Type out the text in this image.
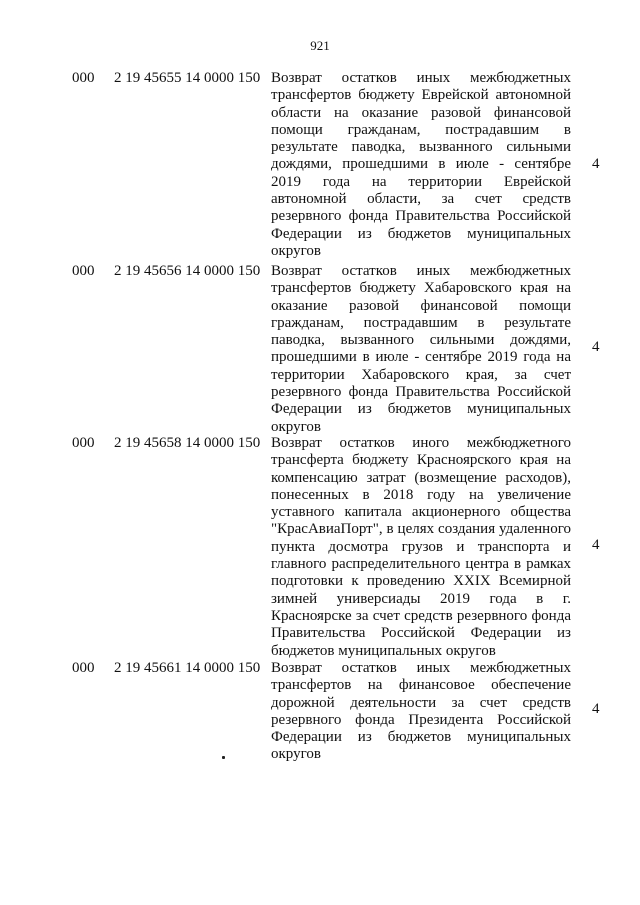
921
000 2 19 45655 14 0000 150 Возврат остатков иных межбюджетных трансфертов бюджету Еврейской автономной области на оказание разовой финансовой помощи гражданам, пострадавшим в результате паводка, вызванного сильными дождями, прошедшими в июле - сентябре 2019 года на территории Еврейской автономной области, за счет средств резервного фонда Правительства Российской Федерации из бюджетов муниципальных округов
4
000 2 19 45656 14 0000 150 Возврат остатков иных межбюджетных трансфертов бюджету Хабаровского края на оказание разовой финансовой помощи гражданам, пострадавшим в результате паводка, вызванного сильными дождями, прошедшими в июле - сентябре 2019 года на территории Хабаровского края, за счет резервного фонда Правительства Российской Федерации из бюджетов муниципальных округов
4
000 2 19 45658 14 0000 150 Возврат остатков иного межбюджетного трансферта бюджету Красноярского края на компенсацию затрат (возмещение расходов), понесенных в 2018 году на увеличение уставного капитала акционерного общества "КрасАвиаПорт", в целях создания удаленного пункта досмотра грузов и транспорта и главного распределительного центра в рамках подготовки к проведению XXIX Всемирной зимней универсиады 2019 года в г. Красноярске за счет средств резервного фонда Правительства Российской Федерации из бюджетов муниципальных округов
4
000 2 19 45661 14 0000 150 Возврат остатков иных межбюджетных трансфертов на финансовое обеспечение дорожной деятельности за счет средств резервного фонда Президента Российской Федерации из бюджетов муниципальных округов
4
